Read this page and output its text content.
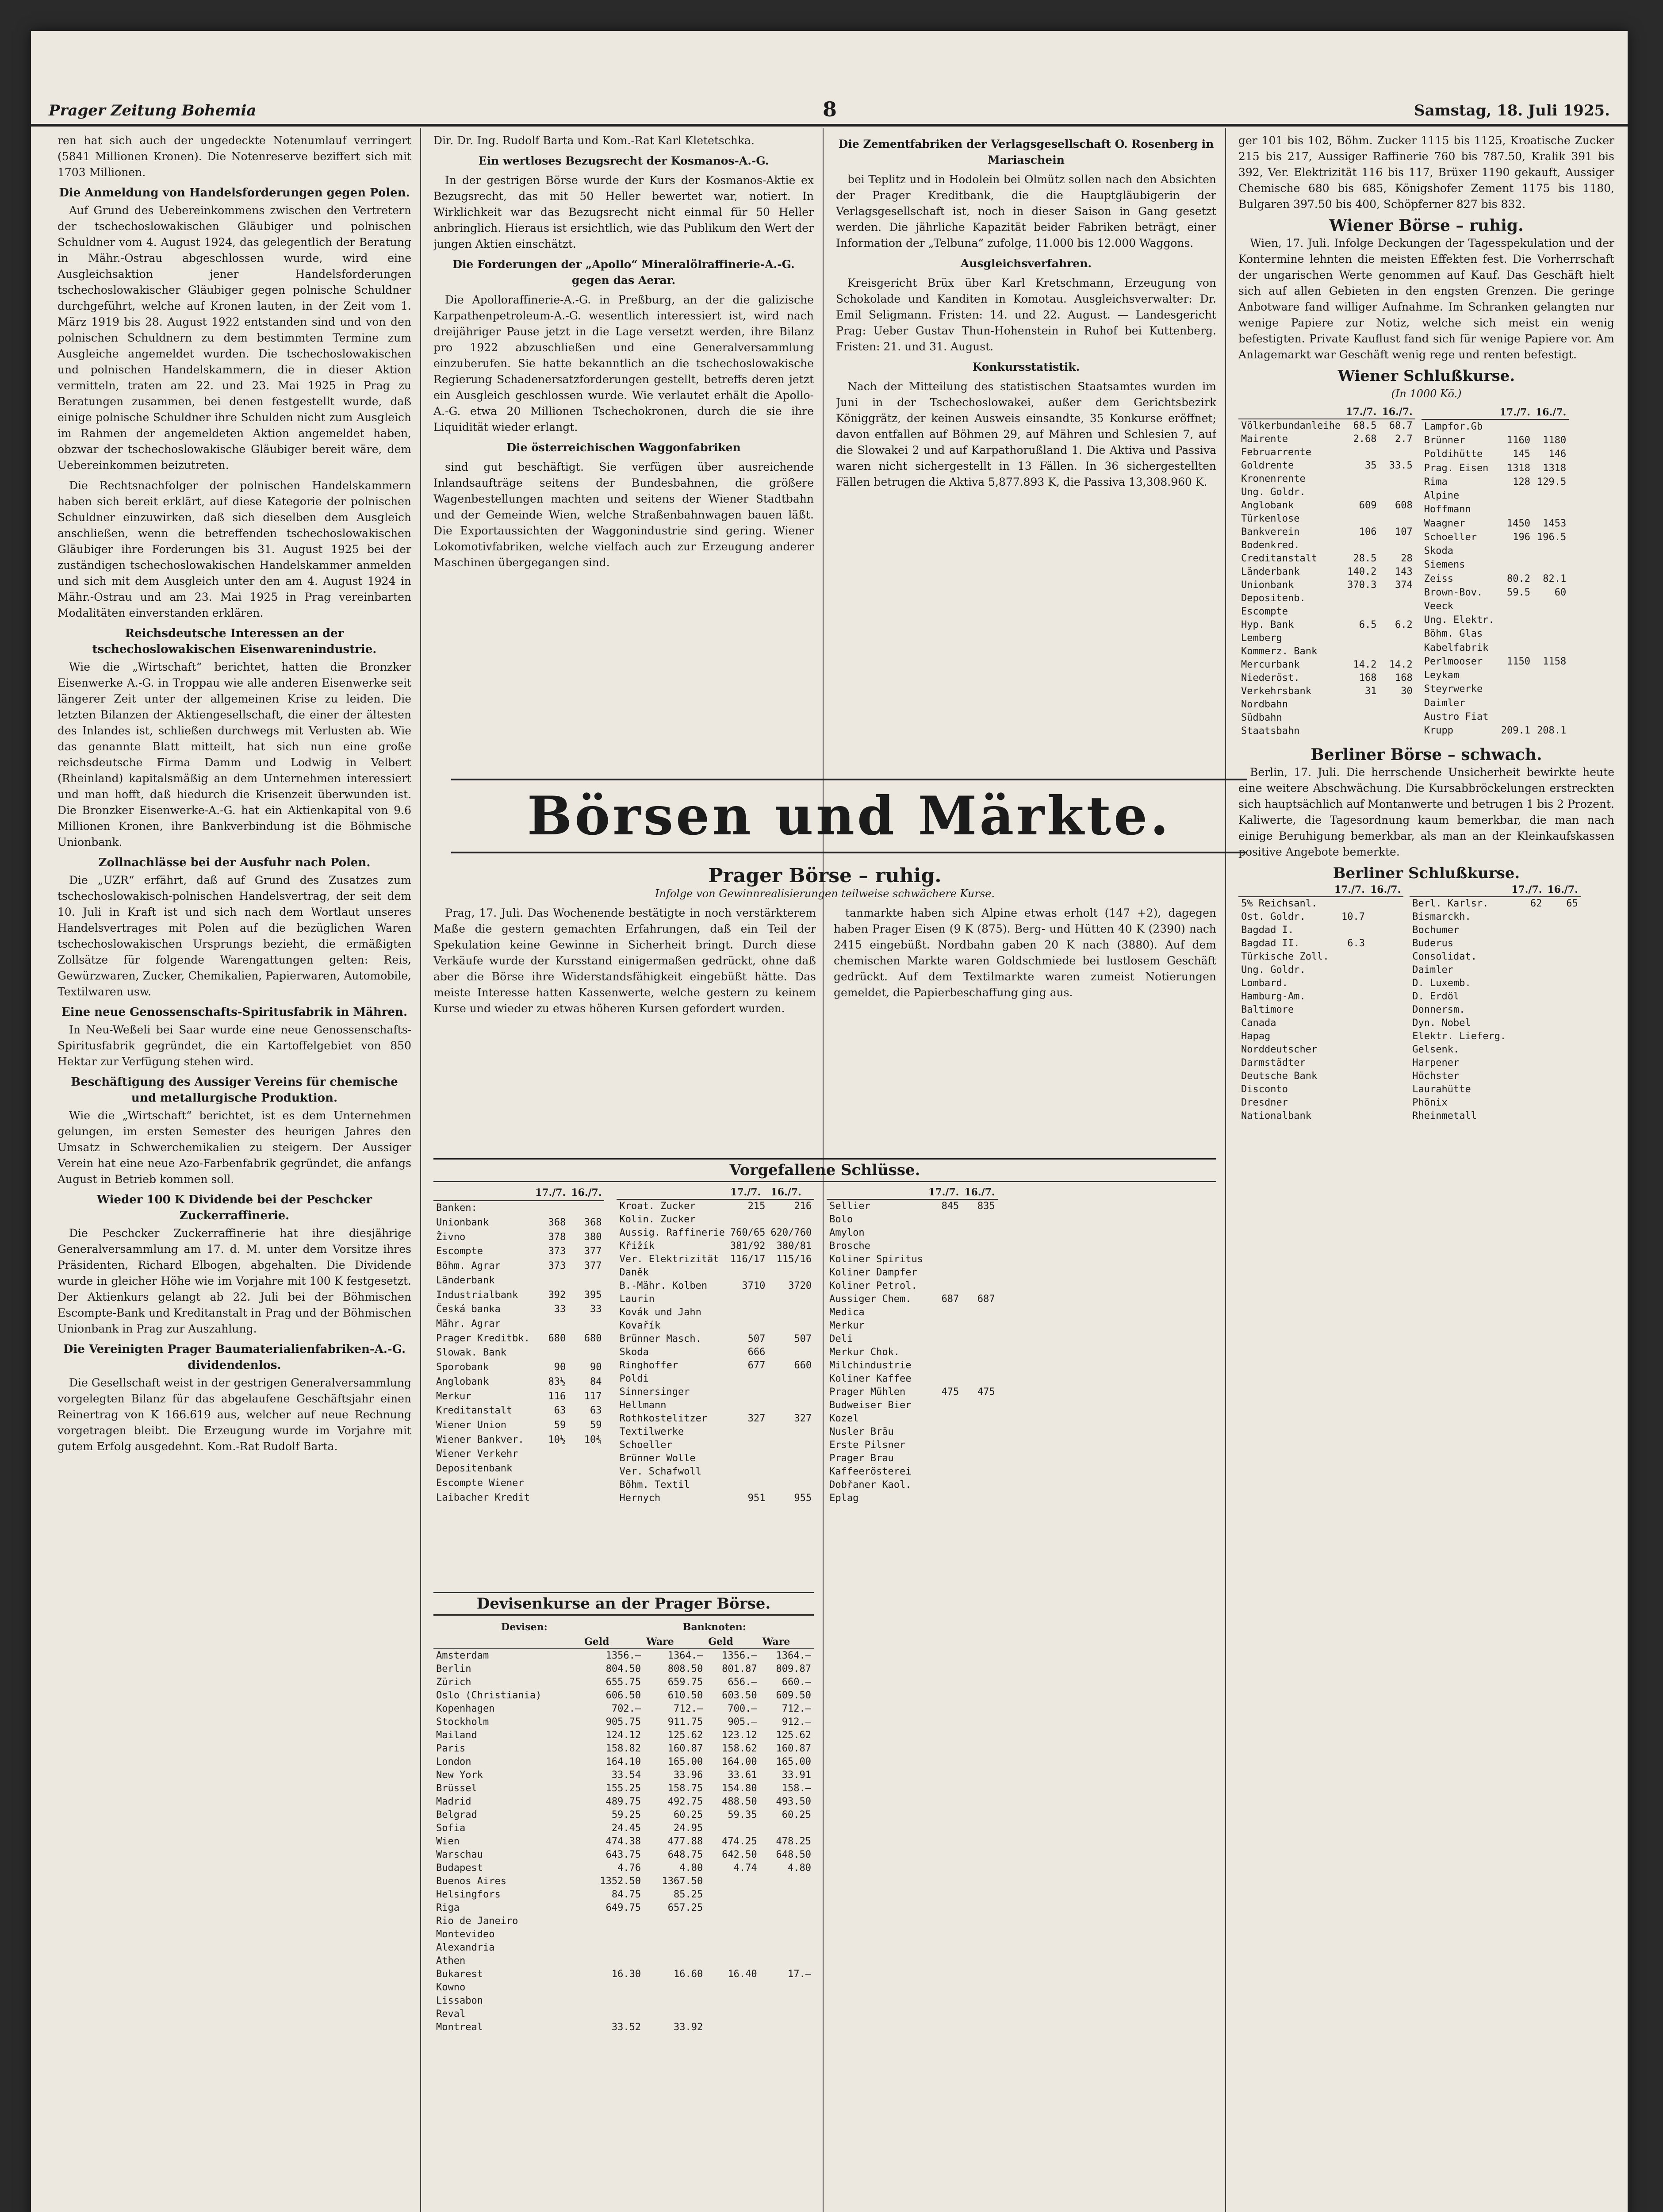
Prager Zeitung Bohemia	8	Samstag, 18. Juli 1925.

ren hat sich auch der ungedeckte Notenumlauf verringert (5841 Millionen Kronen). Die Notenreserve beziffert sich mit 1703 Millionen.

Die Anmeldung von Handelsforderungen gegen Polen.

Auf Grund des Uebereinkommens zwischen den Vertretern der tschechoslowakischen Gläubiger und polnischen Schuldner vom 4. August 1924, das gelegentlich der Beratung in Mähr.-Ostrau abgeschlossen wurde, wird eine Ausgleichsaktion jener Handelsforderungen tschechoslowakischer Gläubiger gegen polnische Schuldner durchgeführt, welche auf Kronen lauten, in der Zeit vom 1. März 1919 bis 28. August 1922 entstanden sind und von den polnischen Schuldnern zu dem bestimmten Termine zum Ausgleiche angemeldet wurden. Die tschechoslowakischen und polnischen Handelskammern, die in dieser Aktion vermitteln, traten am 22. und 23. Mai 1925 in Prag zu Beratungen zusammen, bei denen festgestellt wurde, daß einige polnische Schuldner ihre Schulden nicht zum Ausgleich im Rahmen der angemeldeten Aktion angemeldet haben, obzwar der tschechoslowakische Gläubiger bereit wäre, dem Uebereinkommen beizutreten.

Die Rechtsnachfolger der polnischen Handelskammern haben sich bereit erklärt, auf diese Kategorie der polnischen Schuldner einzuwirken, daß sich dieselben dem Ausgleich anschließen, wenn die betreffenden tschechoslowakischen Gläubiger ihre Forderungen bis 31. August 1925 bei der zuständigen tschechoslowakischen Handelskammer anmelden und sich mit dem Ausgleich unter den am 4. August 1924 in Mähr.-Ostrau und am 23. Mai 1925 in Prag vereinbarten Modalitäten einverstanden erklären.

Reichsdeutsche Interessen an der tschechoslowakischen Eisenwarenindustrie.

Wie die „Wirtschaft“ berichtet, hatten die Bronzker Eisenwerke A.-G. in Troppau wie alle anderen Eisenwerke seit längerer Zeit unter der allgemeinen Krise zu leiden. Die letzten Bilanzen der Aktiengesellschaft, die einer der ältesten des Inlandes ist, schließen durchwegs mit Verlusten ab. Wie das genannte Blatt mitteilt, hat sich nun eine große reichsdeutsche Firma Damm und Lodwig in Velbert (Rheinland) kapitalsmäßig an dem Unternehmen interessiert und man hofft, daß hiedurch die Krisenzeit überwunden ist. Die Bronzker Eisenwerke-A.-G. hat ein Aktienkapital von 9.6 Millionen Kronen, ihre Bankverbindung ist die Böhmische Unionbank.

Zollnachlässe bei der Ausfuhr nach Polen.

Die „UZR“ erfährt, daß auf Grund des Zusatzes zum tschechoslowakisch-polnischen Handelsvertrag, der seit dem 10. Juli in Kraft ist und sich nach dem Wortlaut unseres Handelsvertrages mit Polen auf die bezüglichen Waren tschechoslowakischen Ursprungs bezieht, die ermäßigten Zollsätze für folgende Warengattungen gelten: Reis, Gewürzwaren, Zucker, Chemikalien, Papierwaren, Automobile, Textilwaren usw.

Eine neue Genossenschafts-Spiritusfabrik in Mähren.

In Neu-Weßeli bei Saar wurde eine neue Genossenschafts-Spiritusfabrik gegründet, die ein Kartoffelgebiet von 850 Hektar zur Verfügung stehen wird.

Beschäftigung des Aussiger Vereins für chemische und metallurgische Produktion.

Wie die „Wirtschaft“ berichtet, ist es dem Unternehmen gelungen, im ersten Semester des heurigen Jahres den Umsatz in Schwerchemikalien zu steigern. Der Aussiger Verein hat eine neue Azo-Farbenfabrik gegründet, die anfangs August in Betrieb kommen soll.

Wieder 100 K Dividende bei der Peschcker Zuckerraffinerie.

Die Peschcker Zuckerraffinerie hat ihre diesjährige Generalversammlung am 17. d. M. unter dem Vorsitze ihres Präsidenten, Richard Elbogen, abgehalten. Die Dividende wurde in gleicher Höhe wie im Vorjahre mit 100 K festgesetzt. Der Aktienkurs gelangt ab 22. Juli bei der Böhmischen Escompte-Bank und Kreditanstalt in Prag und der Böhmischen Unionbank in Prag zur Auszahlung.

Die Vereinigten Prager Baumaterialienfabriken-A.-G. dividendenlos.

Die Gesellschaft weist in der gestrigen Generalversammlung vorgelegten Bilanz für das abgelaufene Geschäftsjahr einen Reinertrag von K 166.619 aus, welcher auf neue Rechnung vorgetragen bleibt. Die Erzeugung wurde im Vorjahre mit gutem Erfolg ausgedehnt. Kom.-Rat Rudolf Barta.

Dir. Dr. Ing. Rudolf Barta und Kom.-Rat Karl Kletetschka.

Ein wertloses Bezugsrecht der Kosmanos-A.-G.

In der gestrigen Börse wurde der Kurs der Kosmanos-Aktie ex Bezugsrecht, das mit 50 Heller bewertet war, notiert. In Wirklichkeit war das Bezugsrecht nicht einmal für 50 Heller anbringlich. Hieraus ist ersichtlich, wie das Publikum den Wert der jungen Aktien einschätzt.

Die Forderungen der „Apollo“ Mineralölraffinerie-A.-G. gegen das Aerar.

Die Apolloraffinerie-A.-G. in Preßburg, an der die galizische Karpathenpetroleum-A.-G. wesentlich interessiert ist, wird nach dreijähriger Pause jetzt in die Lage versetzt werden, ihre Bilanz pro 1922 abzuschließen und eine Generalversammlung einzuberufen. Sie hatte bekanntlich an die tschechoslowakische Regierung Schadenersatzforderungen gestellt, betreffs deren jetzt ein Ausgleich geschlossen wurde. Wie verlautet erhält die Apollo-A.-G. etwa 20 Millionen Tschechokronen, durch die sie ihre Liquidität wieder erlangt.

Die österreichischen Waggonfabriken

sind gut beschäftigt. Sie verfügen über ausreichende Inlandsaufträge seitens der Bundesbahnen, die größere Wagenbestellungen machten und seitens der Wiener Stadtbahn und der Gemeinde Wien, welche Straßenbahnwagen bauen läßt. Die Exportaussichten der Waggonindustrie sind gering. Wiener Lokomotivfabriken, welche vielfach auch zur Erzeugung anderer Maschinen übergegangen sind.

Die Zementfabriken der Verlagsgesellschaft O. Rosenberg in Mariaschein

bei Teplitz und in Hodolein bei Olmütz sollen nach den Absichten der Prager Kreditbank, die die Hauptgläubigerin der Verlagsgesellschaft ist, noch in dieser Saison in Gang gesetzt werden. Die jährliche Kapazität beider Fabriken beträgt, einer Information der „Telbuna“ zufolge, 11.000 bis 12.000 Waggons.

Ausgleichsverfahren.

Kreisgericht Brüx über Karl Kretschmann, Erzeugung von Schokolade und Kanditen in Komotau. Ausgleichsverwalter: Dr. Emil Seligmann. Fristen: 14. und 22. August. — Landesgericht Prag: Ueber Gustav Thun-Hohenstein in Ruhof bei Kuttenberg. Fristen: 21. und 31. August.

Konkursstatistik.

Nach der Mitteilung des statistischen Staatsamtes wurden im Juni in der Tschechoslowakei, außer dem Gerichtsbezirk Königgrätz, der keinen Ausweis einsandte, 35 Konkurse eröffnet; davon entfallen auf Böhmen 29, auf Mähren und Schlesien 7, auf die Slowakei 2 und auf Karpathorußland 1. Die Aktiva und Passiva waren nicht sichergestellt in 13 Fällen. In 36 sichergestellten Fällen betrugen die Aktiva 5,877.893 K, die Passiva 13,308.960 K.

Börsen und Märkte.
Prager Börse – ruhig.
Infolge von Gewinnrealisierungen teilweise schwächere Kurse.

Prag, 17. Juli. Das Wochenende bestätigte in noch verstärkterem Maße die gestern gemachten Erfahrungen, daß ein Teil der Spekulation keine Gewinne in Sicherheit bringt. Durch diese Verkäufe wurde der Kursstand einigermaßen gedrückt, ohne daß aber die Börse ihre Widerstandsfähigkeit eingebüßt hätte. Das meiste Interesse hatten Kassenwerte, welche gestern zu keinem Kurse und wieder zu etwas höheren Kursen gefordert wurden.

tanmarkte haben sich Alpine etwas erholt (147 +2), dagegen haben Prager Eisen (9 K (875). Berg- und Hütten 40 K (2390) nach 2415 eingebüßt. Nordbahn gaben 20 K nach (3880). Auf dem chemischen Markte waren Goldschmiede bei lustlosem Geschäft gedrückt. Auf dem Textilmarkte waren zumeist Notierungen gemeldet, die Papierbeschaffung ging aus.

Vorgefallene Schlüsse.
	17./7.	16./7.
Banken:		
Unionbank	368	368
Živno	378	380
Escompte	373	377
Böhm. Agrar	373	377
Länderbank		
Industrialbank	392	395
Česká banka	33	33
Mähr. Agrar		
Prager Kreditbk.	680	680
Slowak. Bank		
Sporobank	90	90
Anglobank	83½	84
Merkur	116	117
Kreditanstalt	63	63
Wiener Union	59	59
Wiener Bankver.	10½	10¾
Wiener Verkehr		
Depositenbank		
Escompte Wiener		
Laibacher Kredit		
	17./7.	16./7.
Kroat. Zucker	215	216
Kolin. Zucker		
Aussig. Raffinerie	760/65	620/760
Křižík	381/92	380/81
Ver. Elektrizität	116/17	115/16
Daněk		
B.-Mähr. Kolben	3710	3720
Laurin		
Kovák und Jahn		
Kovařík		
Brünner Masch.	507	507
Skoda	666	
Ringhoffer	677	660
Poldi		
Sinnersinger		
Hellmann		
Rothkostelitzer	327	327
Textilwerke		
Schoeller		
Brünner Wolle		
Ver. Schafwoll		
Böhm. Textil		
Hernych	951	955
	17./7.	16./7.
Sellier	845	835
Bolo		
Amylon		
Brosche		
Koliner Spiritus		
Koliner Dampfer		
Koliner Petrol.		
Aussiger Chem.	687	687
Medica		
Merkur		
Deli		
Merkur Chok.		
Milchindustrie		
Koliner Kaffee		
Prager Mühlen	475	475
Budweiser Bier		
Kozel		
Nusler Bräu		
Erste Pilsner		
Prager Brau		
Kaffeerösterei		
Dobřaner Kaol.		
Eplag		
Devisenkurse an der Prager Börse.
Devisen:	Banknoten:
	Geld	Ware	Geld	Ware
Amsterdam	1356.—	1364.—	1356.—	1364.—
Berlin	804.50	808.50	801.87	809.87
Zürich	655.75	659.75	656.—	660.—
Oslo (Christiania)	606.50	610.50	603.50	609.50
Kopenhagen	702.—	712.—	700.—	712.—
Stockholm	905.75	911.75	905.—	912.—
Mailand	124.12	125.62	123.12	125.62
Paris	158.82	160.87	158.62	160.87
London	164.10	165.00	164.00	165.00
New York	33.54	33.96	33.61	33.91
Brüssel	155.25	158.75	154.80	158.—
Madrid	489.75	492.75	488.50	493.50
Belgrad	59.25	60.25	59.35	60.25
Sofia	24.45	24.95		
Wien	474.38	477.88	474.25	478.25
Warschau	643.75	648.75	642.50	648.50
Budapest	4.76	4.80	4.74	4.80
Buenos Aires	1352.50	1367.50		
Helsingfors	84.75	85.25		
Riga	649.75	657.25		
Rio de Janeiro				
Montevideo				
Alexandria				
Athen				
Bukarest	16.30	16.60	16.40	17.—
Kowno				
Lissabon				
Reval				
Montreal	33.52	33.92		

ger 101 bis 102, Böhm. Zucker 1115 bis 1125, Kroatische Zucker 215 bis 217, Aussiger Raffinerie 760 bis 787.50, Kralik 391 bis 392, Ver. Elektrizität 116 bis 117, Brüxer 1190 gekauft, Aussiger Chemische 680 bis 685, Königshofer Zement 1175 bis 1180, Bulgaren 397.50 bis 400, Schöpferner 827 bis 832.

Wiener Börse – ruhig.

Wien, 17. Juli. Infolge Deckungen der Tagesspekulation und der Kontermine lehnten die meisten Effekten fest. Die Vorherrschaft der ungarischen Werte genommen auf Kauf. Das Geschäft hielt sich auf allen Gebieten in den engsten Grenzen. Die geringe Anbotware fand williger Aufnahme. Im Schranken gelangten nur wenige Papiere zur Notiz, welche sich meist ein wenig befestigten. Private Kauflust fand sich für wenige Papiere vor. Am Anlagemarkt war Geschäft wenig rege und renten befestigt.

Wiener Schlußkurse.
(In 1000 Kö.)
	17./7.	16./7.
Völkerbundanleihe	68.5	68.7
Mairente	2.68	2.7
Februarrente		
Goldrente	35	33.5
Kronenrente		
Ung. Goldr.		
Anglobank	609	608
Türkenlose		
Bankverein	106	107
Bodenkred.		
Creditanstalt	28.5	28
Länderbank	140.2	143
Unionbank	370.3	374
Depositenb.		
Escompte		
Hyp. Bank	6.5	6.2
Lemberg		
Kommerz. Bank		
Mercurbank	14.2	14.2
Niederöst.	168	168
Verkehrsbank	31	30
Nordbahn		
Südbahn		
Staatsbahn		
	17./7.	16./7.
Lampfor.Gb		
Brünner	1160	1180
Poldihütte	145	146
Prag. Eisen	1318	1318
Rima	128	129.5
Alpine		
Hoffmann		
Waagner	1450	1453
Schoeller	196	196.5
Skoda		
Siemens		
Zeiss	80.2	82.1
Brown-Bov.	59.5	60
Veeck		
Ung. Elektr.		
Böhm. Glas		
Kabelfabrik		
Perlmooser	1150	1158
Leykam		
Steyrwerke		
Daimler		
Austro Fiat		
Krupp	209.1	208.1
Berliner Börse – schwach.

Berlin, 17. Juli. Die herrschende Unsicherheit bewirkte heute eine weitere Abschwächung. Die Kursabbröckelungen erstreckten sich hauptsächlich auf Montanwerte und betrugen 1 bis 2 Prozent. Kaliwerte, die Tagesordnung kaum bemerkbar, die man nach einige Beruhigung bemerkbar, als man an der Kleinkaufskassen positive Angebote bemerkte.

Berliner Schlußkurse.
	17./7.	16./7.
5% Reichsanl.		
Ost. Goldr.	10.7	
Bagdad I.		
Bagdad II.	6.3	
Türkische Zoll.		
Ung. Goldr.		
Lombard.		
Hamburg-Am.		
Baltimore		
Canada		
Hapag		
Norddeutscher		
Darmstädter		
Deutsche Bank		
Disconto		
Dresdner		
Nationalbank		
	17./7.	16./7.
Berl. Karlsr.	62	65
Bismarckh.		
Bochumer		
Buderus		
Consolidat.		
Daimler		
D. Luxemb.		
D. Erdöl		
Donnersm.		
Dyn. Nobel		
Elektr. Lieferg.		
Gelsenk.		
Harpener		
Höchster		
Laurahütte		
Phönix		
Rheinmetall		
